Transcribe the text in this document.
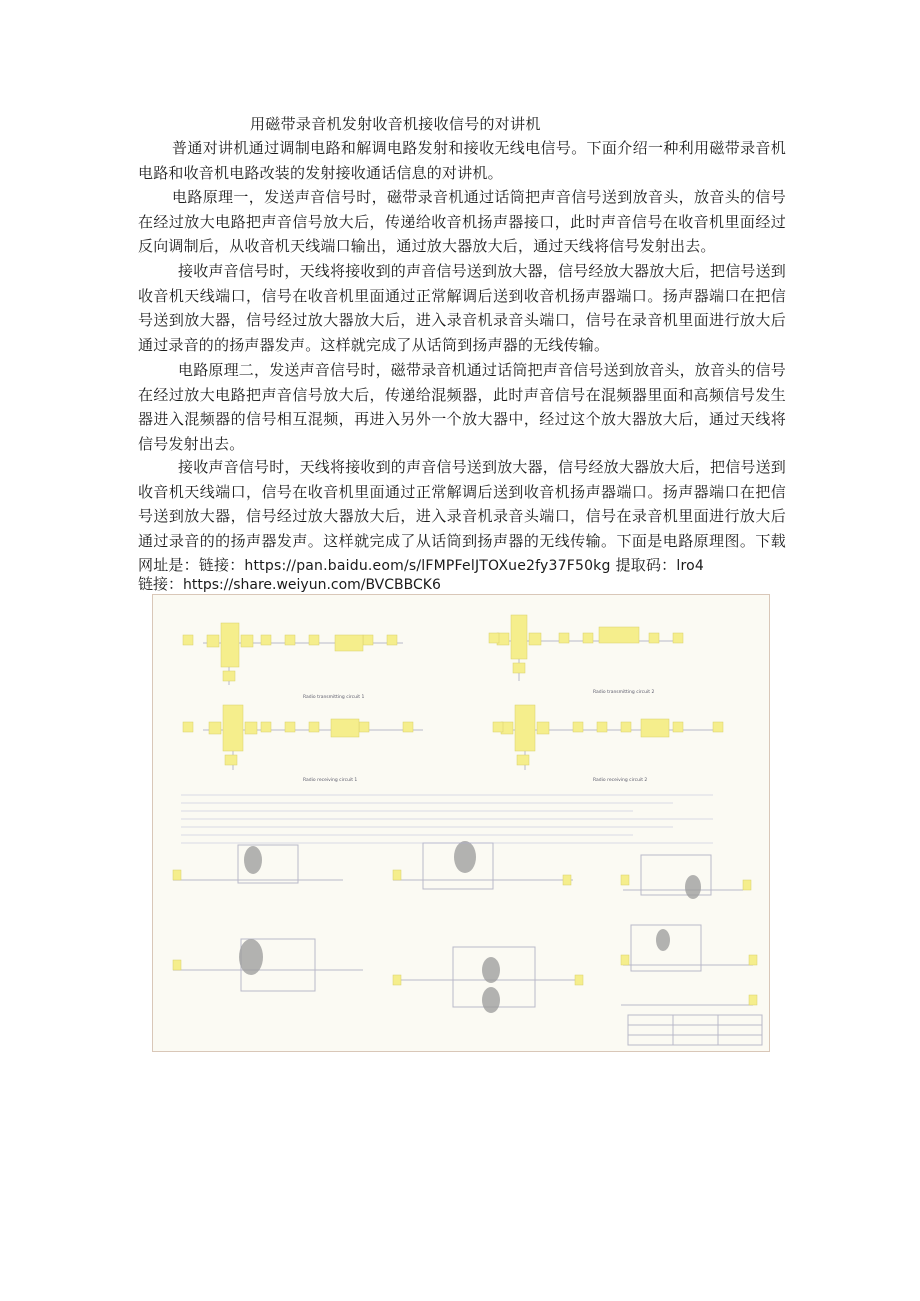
用磁带录音机发射收音机接收信号的对讲机

普通对讲机通过调制电路和解调电路发射和接收无线电信号。下面介绍一种利用磁带录音机电路和收音机电路改装的发射接收通话信息的对讲机。

电路原理一，发送声音信号时，磁带录音机通过话筒把声音信号送到放音头，放音头的信号在经过放大电路把声音信号放大后，传递给收音机扬声器接口，此时声音信号在收音机里面经过反向调制后，从收音机天线端口输出，通过放大器放大后，通过天线将信号发射出去。

接收声音信号时，天线将接收到的声音信号送到放大器，信号经放大器放大后，把信号送到收音机天线端口，信号在收音机里面通过正常解调后送到收音机扬声器端口。扬声器端口在把信号送到放大器，信号经过放大器放大后，进入录音机录音头端口，信号在录音机里面进行放大后通过录音的的扬声器发声。这样就完成了从话筒到扬声器的无线传输。

电路原理二，发送声音信号时，磁带录音机通过话筒把声音信号送到放音头，放音头的信号在经过放大电路把声音信号放大后，传递给混频器，此时声音信号在混频器里面和高频信号发生器进入混频器的信号相互混频，再进入另外一个放大器中，经过这个放大器放大后，通过天线将信号发射出去。

接收声音信号时，天线将接收到的声音信号送到放大器，信号经放大器放大后，把信号送到收音机天线端口，信号在收音机里面通过正常解调后送到收音机扬声器端口。扬声器端口在把信号送到放大器，信号经过放大器放大后，进入录音机录音头端口，信号在录音机里面进行放大后通过录音的的扬声器发声。这样就完成了从话筒到扬声器的无线传输。下面是电路原理图。下载网址是：链接：https://pan.baidu.eom/s/lFMPFelJTOXue2fy37F50kg 提取码：lro4

链接：https://share.weiyun.com/BVCBBCK6
Radio transmitting circuit 1
Radio transmitting circuit 2
Radio receiving circuit 1	Radio receiving circuit 2
